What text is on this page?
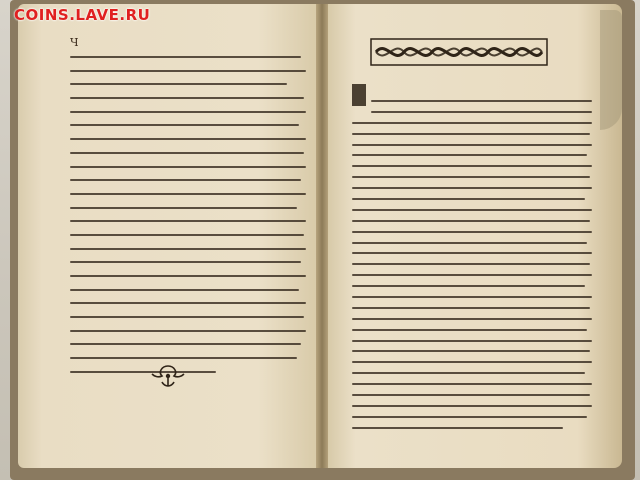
Ч
COINS.LAVE.RU
